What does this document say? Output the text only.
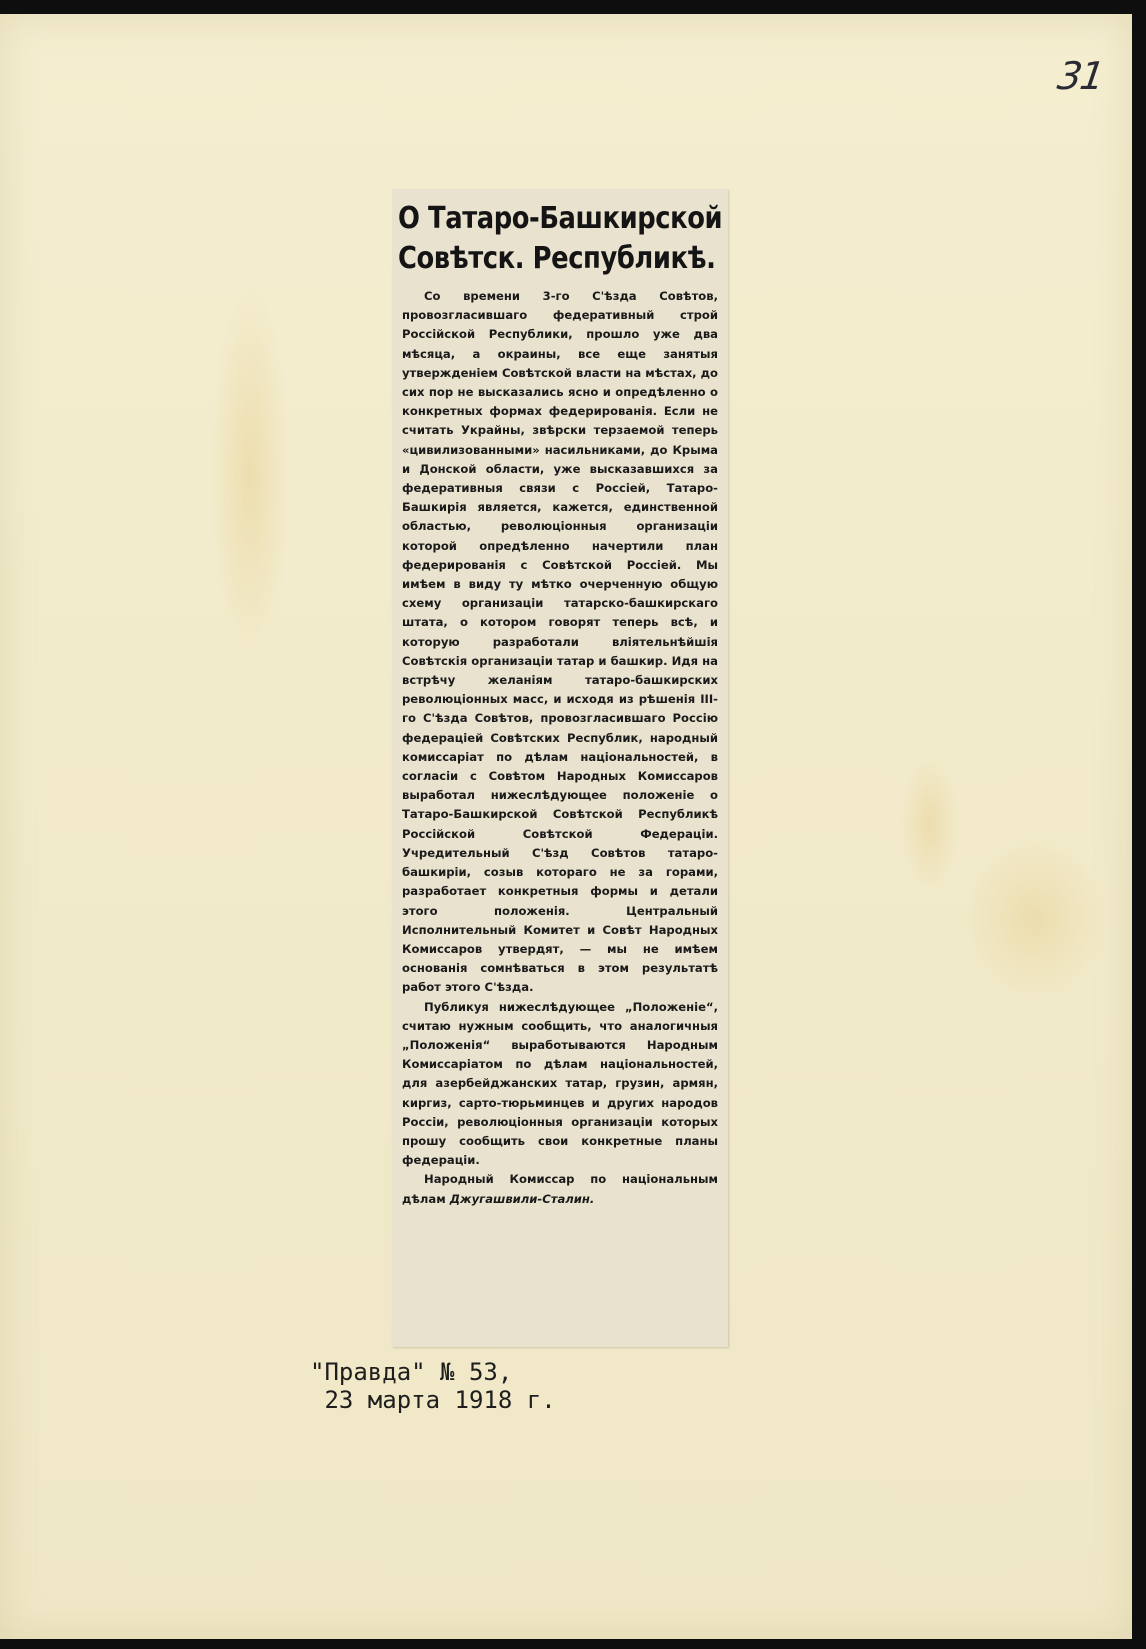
31
О Татаро-Башкирской Совѣтск. Республикѣ.

Со времени 3-го С'ѣзда Совѣтов, провозгласившаго федеративный строй Россiйской Республики, прошло уже два мѣсяца, а окраины, все еще занятыя утвержденiем Совѣтской власти на мѣстах, до сих пор не высказались ясно и опредѣленно о конкретных формах федерированiя. Если не считать Украйны, звѣрски терзаемой теперь «цивилизованными» насильниками, до Крыма и Донской области, уже высказавшихся за федеративныя связи с Россiей, Татаро-Башкирiя является, кажется, единственной областью, революцiонныя организацiи которой опредѣленно начертили план федерированiя с Совѣтской Россiей. Мы имѣем в виду ту мѣтко очерченную общую схему организацiи татарско-башкирскаго штата, о котором говорят теперь всѣ, и которую разработали влiятельнѣйшiя Совѣтскiя организацiи татар и башкир. Идя на встрѣчу желанiям татаро-башкирских революцiонных масс, и исходя из рѣшенiя III-го С'ѣзда Совѣтов, провозгласившаго Россiю федерацiей Совѣтских Республик, народный комиссарiат по дѣлам нацiональностей, в согласiи с Совѣтом Народных Комиссаров выработал нижеслѣдующее положенiе о Татаро-Башкирской Совѣтской Республикѣ Россiйской Совѣтской Федерацiи. Учредительный С'ѣзд Совѣтов татаро-башкирiи, созыв котораго не за горами, разработает конкретныя формы и детали этого положенiя. Центральный Исполнительный Комитет и Совѣт Народных Комиссаров утвердят, — мы не имѣем основанiя сомнѣваться в этом результатѣ работ этого С'ѣзда.

Публикуя нижеслѣдующее „Положенiе“, считаю нужным сообщить, что аналогичныя „Положенiя“ выработываются Народным Комиссарiатом по дѣлам нацiональностей, для азербейджанских татар, грузин, армян, киргиз, сарто-тюрьминцев и других народов Россiи, революцiонныя организацiи которых прошу сообщить свои конкретные планы федерацiи.

Народный Комиссар по нацiональным дѣлам Джугашвили-Сталин.
"Правда" № 53,
23 марта 1918 г.
